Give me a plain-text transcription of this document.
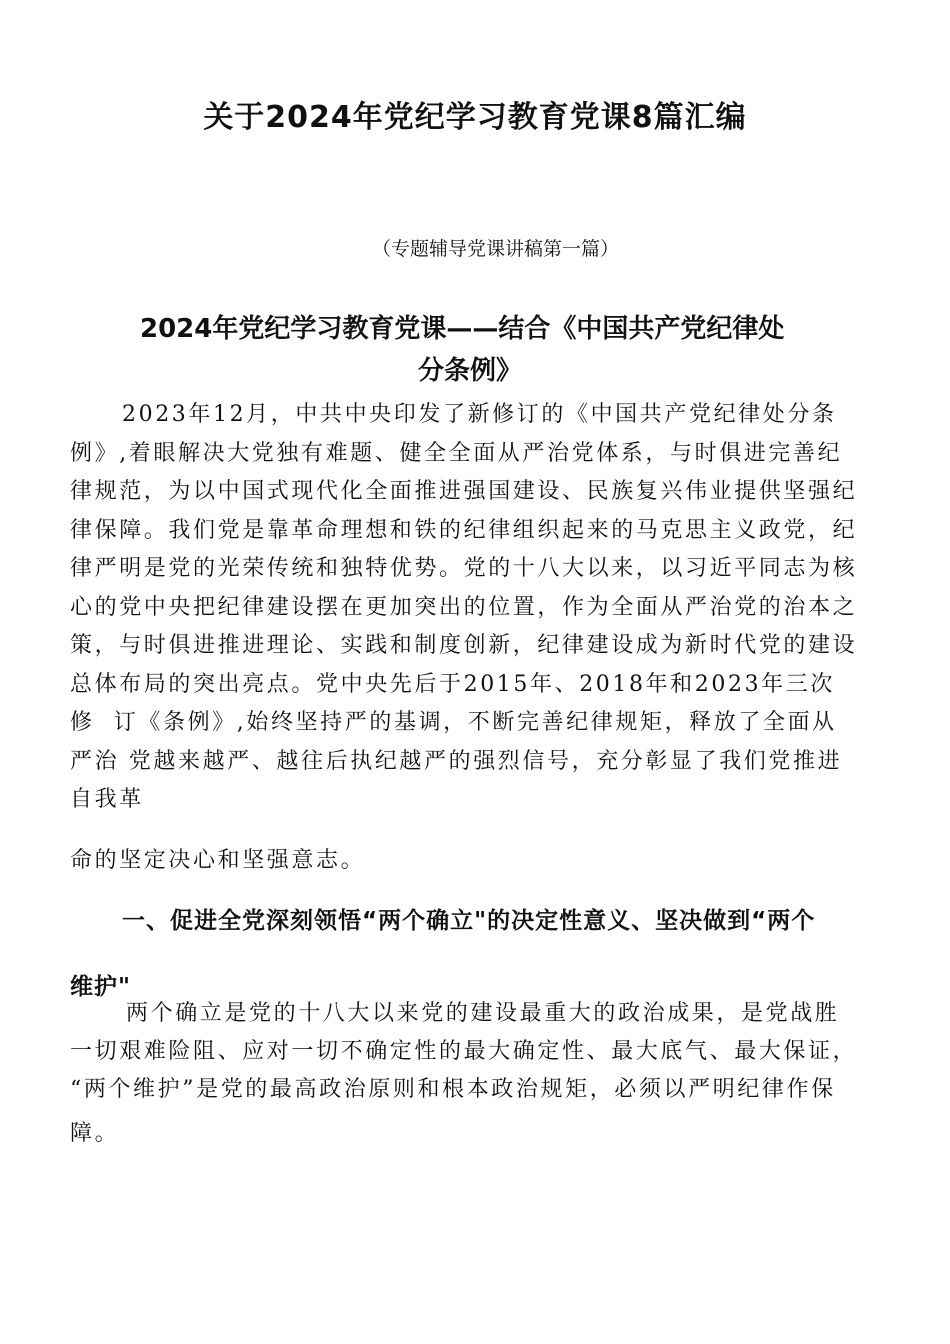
关于2024年党纪学习教育党课8篇汇编

（专题辅导党课讲稿第一篇）

2024年党纪学习教育党课——结合《中国共产党纪律处
分条例》
2023年12月，中共中央印发了新修订的《中国共产党纪律处分条
例》,着眼解决大党独有难题、健全全面从严治党体系，与时俱进完善纪
律规范，为以中国式现代化全面推进强国建设、民族复兴伟业提供坚强纪
律保障。我们党是靠革命理想和铁的纪律组织起来的马克思主义政党，纪
律严明是党的光荣传统和独特优势。党的十八大以来，以习近平同志为核
心的党中央把纪律建设摆在更加突出的位置，作为全面从严治党的治本之
策，与时俱进推进理论、实践和制度创新，纪律建设成为新时代党的建设
总体布局的突出亮点。党中央先后于2015年、2018年和2023年三次
修  订《条例》,始终坚持严的基调，不断完善纪律规矩，释放了全面从
严治 党越来越严、越往后执纪越严的强烈信号，充分彰显了我们党推进
自我革
命的坚定决心和坚强意志。
一、促进全党深刻领悟“两个确立"的决定性意义、坚决做到“两个
维护"
两个确立是党的十八大以来党的建设最重大的政治成果，是党战胜
一切艰难险阻、应对一切不确定性的最大确定性、最大底气、最大保证，
“两个维护”是党的最高政治原则和根本政治规矩，必须以严明纪律作保
障。
